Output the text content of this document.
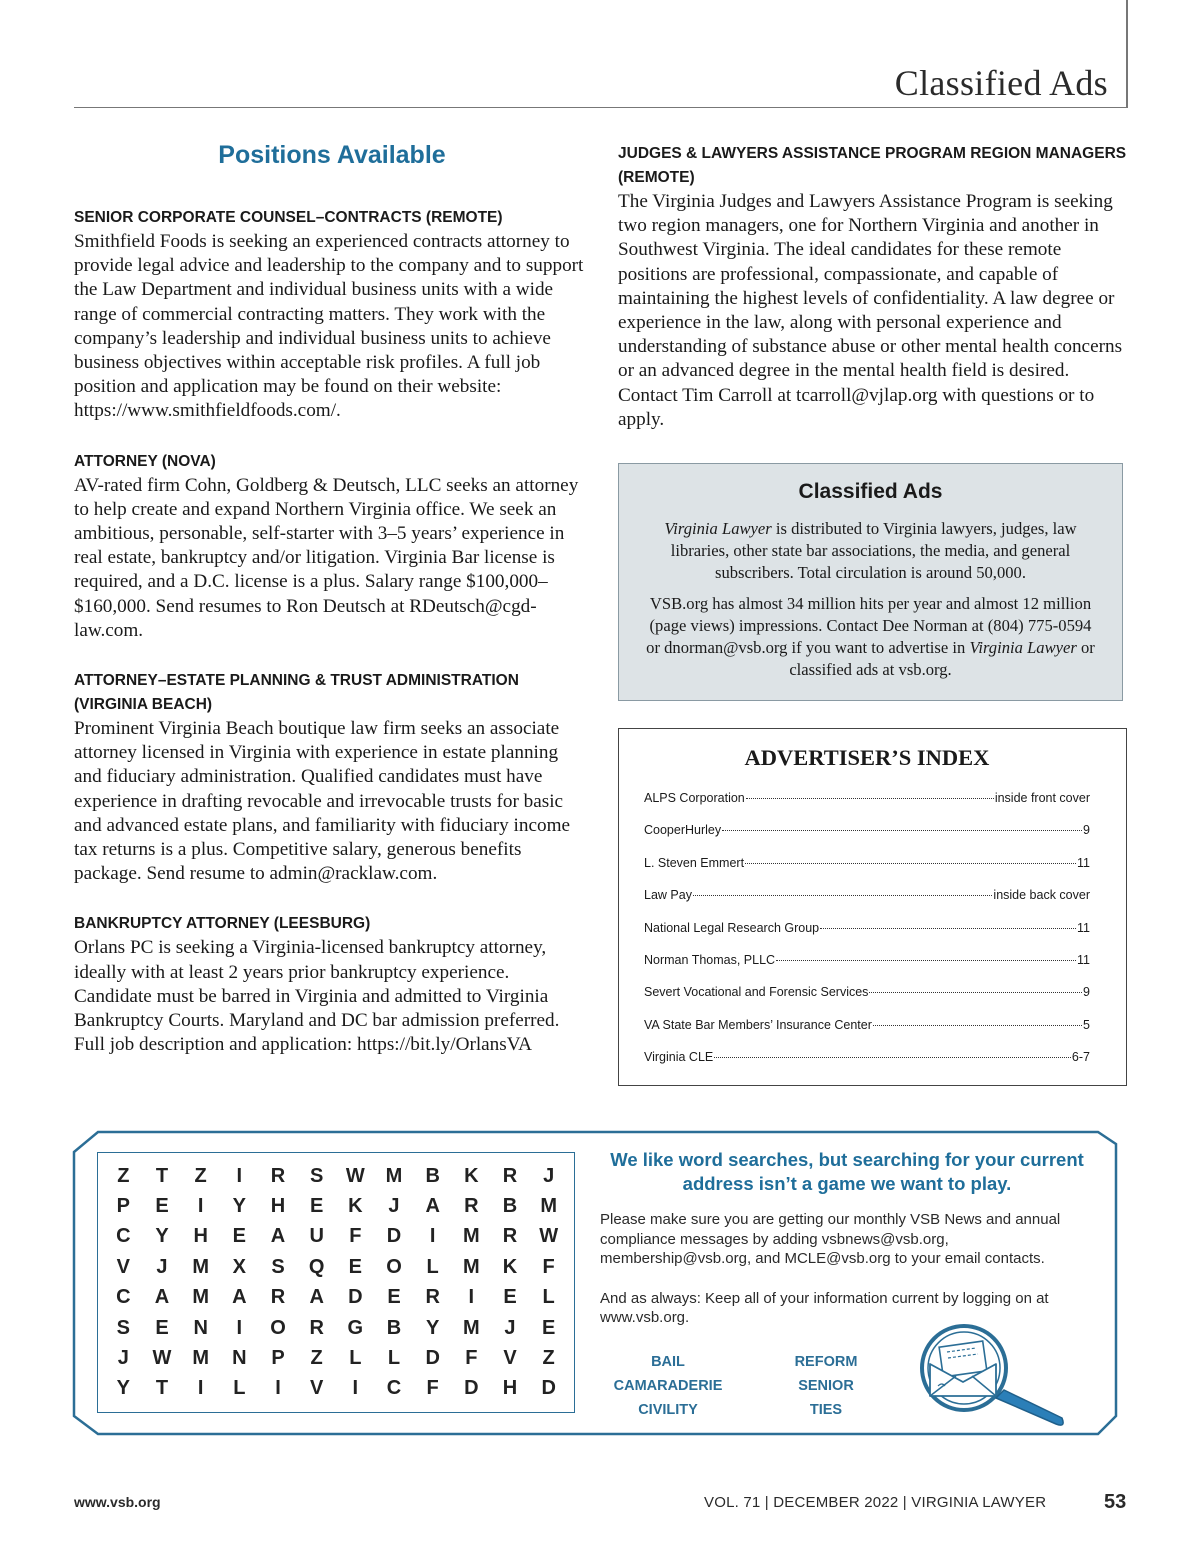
Classified Ads
Positions Available

SENIOR CORPORATE COUNSEL–CONTRACTS (REMOTE)

Smithfield Foods is seeking an experienced contracts attorney to provide legal advice and leadership to the company and to support the Law Department and individual business units with a wide range of commercial contracting matters. They work with the company’s leadership and individual business units to achieve business objectives within acceptable risk profiles. A full job position and application may be found on their website: https://www.smithfieldfoods.com/.

ATTORNEY (NOVA)

AV-rated firm Cohn, Goldberg & Deutsch, LLC seeks an attorney to help create and expand Northern Virginia office. We seek an ambitious, personable, self-starter with 3–5 years’ experience in real estate, bankruptcy and/or litigation. Virginia Bar license is required, and a D.C. license is a plus. Salary range $100,000–$160,000. Send resumes to Ron Deutsch at RDeutsch@cgd-law.com.

ATTORNEY–ESTATE PLANNING & TRUST ADMINISTRATION (VIRGINIA BEACH)

Prominent Virginia Beach boutique law firm seeks an associate attorney licensed in Virginia with experience in estate planning and fiduciary administration. Qualified candidates must have experience in drafting revocable and irrevocable trusts for basic and advanced estate plans, and familiarity with fiduciary income tax returns is a plus. Competitive salary, generous benefits package. Send resume to admin@racklaw.com.

BANKRUPTCY ATTORNEY (LEESBURG)

Orlans PC is seeking a Virginia-licensed bankruptcy attorney, ideally with at least 2 years prior bankruptcy experience. Candidate must be barred in Virginia and admitted to Virginia Bankruptcy Courts. Maryland and DC bar admission preferred. Full job description and application: https://bit.ly/OrlansVA

JUDGES & LAWYERS ASSISTANCE PROGRAM REGION MANAGERS (REMOTE)

The Virginia Judges and Lawyers Assistance Program is seeking two region managers, one for Northern Virginia and another in Southwest Virginia. The ideal candidates for these remote positions are professional, compassionate, and capable of maintaining the highest levels of confidentiality. A law degree or experience in the law, along with personal experience and understanding of substance abuse or other mental health concerns or an advanced degree in the mental health field is desired. Contact Tim Carroll at tcarroll@vjlap.org with questions or to apply.

Classified Ads

Virginia Lawyer is distributed to Virginia lawyers, judges, law libraries, other state bar associations, the media, and general subscribers. Total circulation is around 50,000.

VSB.org has almost 34 million hits per year and almost 12 million (page views) impressions. Contact Dee Norman at (804) 775-0594 or dnorman@vsb.org if you want to advertise in Virginia Lawyer or classified ads at vsb.org.

ADVERTISER’S INDEX
ALPS Corporation	inside front cover
CooperHurley	9
L. Steven Emmert	11
Law Pay	inside back cover
National Legal Research Group	11
Norman Thomas, PLLC	11
Severt Vocational and Forensic Services	9
VA State Bar Members’ Insurance Center	5
Virginia CLE	6-7
Z	T	Z	I	R	S	W	M	B	K	R	J
P	E	I	Y	H	E	K	J	A	R	B	M
C	Y	H	E	A	U	F	D	I	M	R	W
V	J	M	X	S	Q	E	O	L	M	K	F
C	A	M	A	R	A	D	E	R	I	E	L
S	E	N	I	O	R	G	B	Y	M	J	E
J	W	M	N	P	Z	L	L	D	F	V	Z
Y	T	I	L	I	V	I	C	F	D	H	D

We like word searches, but searching for your current address isn’t a game we want to play.

Please make sure you are getting our monthly VSB News and annual compliance messages by adding vsbnews@vsb.org, membership@vsb.org, and MCLE@vsb.org to your email contacts.

And as always: Keep all of your information current by logging on at www.vsb.org.

BAIL
CAMARADERIE
CIVILITY
REFORM
SENIOR
TIES
www.vsb.org	VOL. 71 | DECEMBER 2022 | VIRGINIA LAWYER	53
